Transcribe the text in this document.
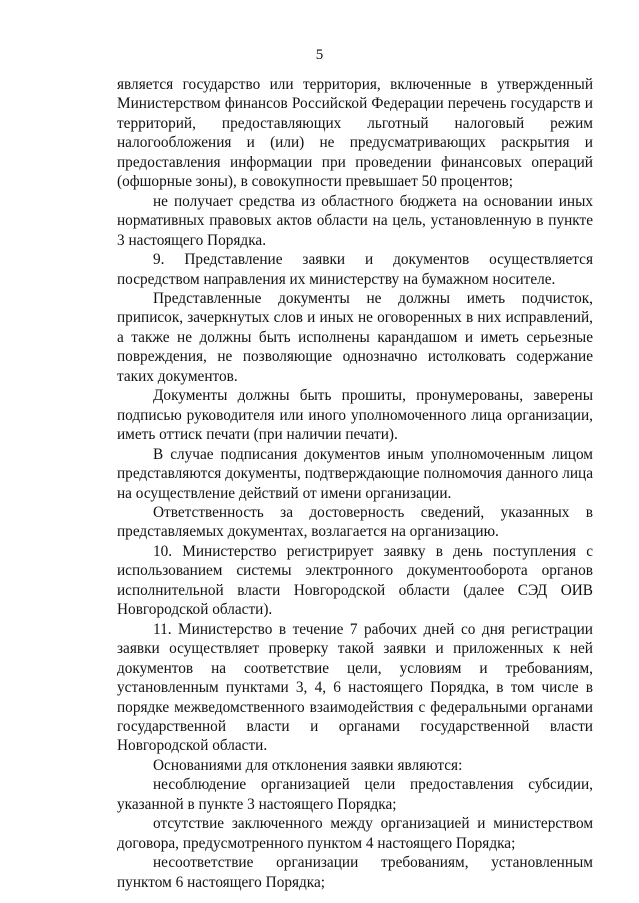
5

является государство или территория, включенные в утвержденный Министерством финансов Российской Федерации перечень государств и территорий, предоставляющих льготный налоговый режим налогообложения и (или) не предусматривающих раскрытия и предоставления информации при проведении финансовых операций (офшорные зоны), в совокупности превышает 50 процентов;

не получает средства из областного бюджета на основании иных нормативных правовых актов области на цель, установленную в пункте 3 настоящего Порядка.

9. Представление заявки и документов осуществляется посредством направления их министерству на бумажном носителе.

Представленные документы не должны иметь подчисток, приписок, зачеркнутых слов и иных не оговоренных в них исправлений, а также не должны быть исполнены карандашом и иметь серьезные повреждения, не позволяющие однозначно истолковать содержание таких документов.

Документы должны быть прошиты, пронумерованы, заверены подписью руководителя или иного уполномоченного лица организации, иметь оттиск печати (при наличии печати).

В случае подписания документов иным уполномоченным лицом представляются документы, подтверждающие полномочия данного лица на осуществление действий от имени организации.

Ответственность за достоверность сведений, указанных в представляемых документах, возлагается на организацию.

10. Министерство регистрирует заявку в день поступления с использованием системы электронного документооборота органов исполнительной власти Новгородской области (далее СЭД ОИВ Новгородской области).

11. Министерство в течение 7 рабочих дней со дня регистрации заявки осуществляет проверку такой заявки и приложенных к ней документов на соответствие цели, условиям и требованиям, установленным пунктами 3, 4, 6 настоящего Порядка, в том числе в порядке межведомственного взаимодействия с федеральными органами государственной власти и органами государственной власти Новгородской области.

Основаниями для отклонения заявки являются:

несоблюдение организацией цели предоставления субсидии, указанной в пункте 3 настоящего Порядка;

отсутствие заключенного между организацией и министерством договора, предусмотренного пунктом 4 настоящего Порядка;

несоответствие организации требованиям, установленным пунктом 6 настоящего Порядка;
